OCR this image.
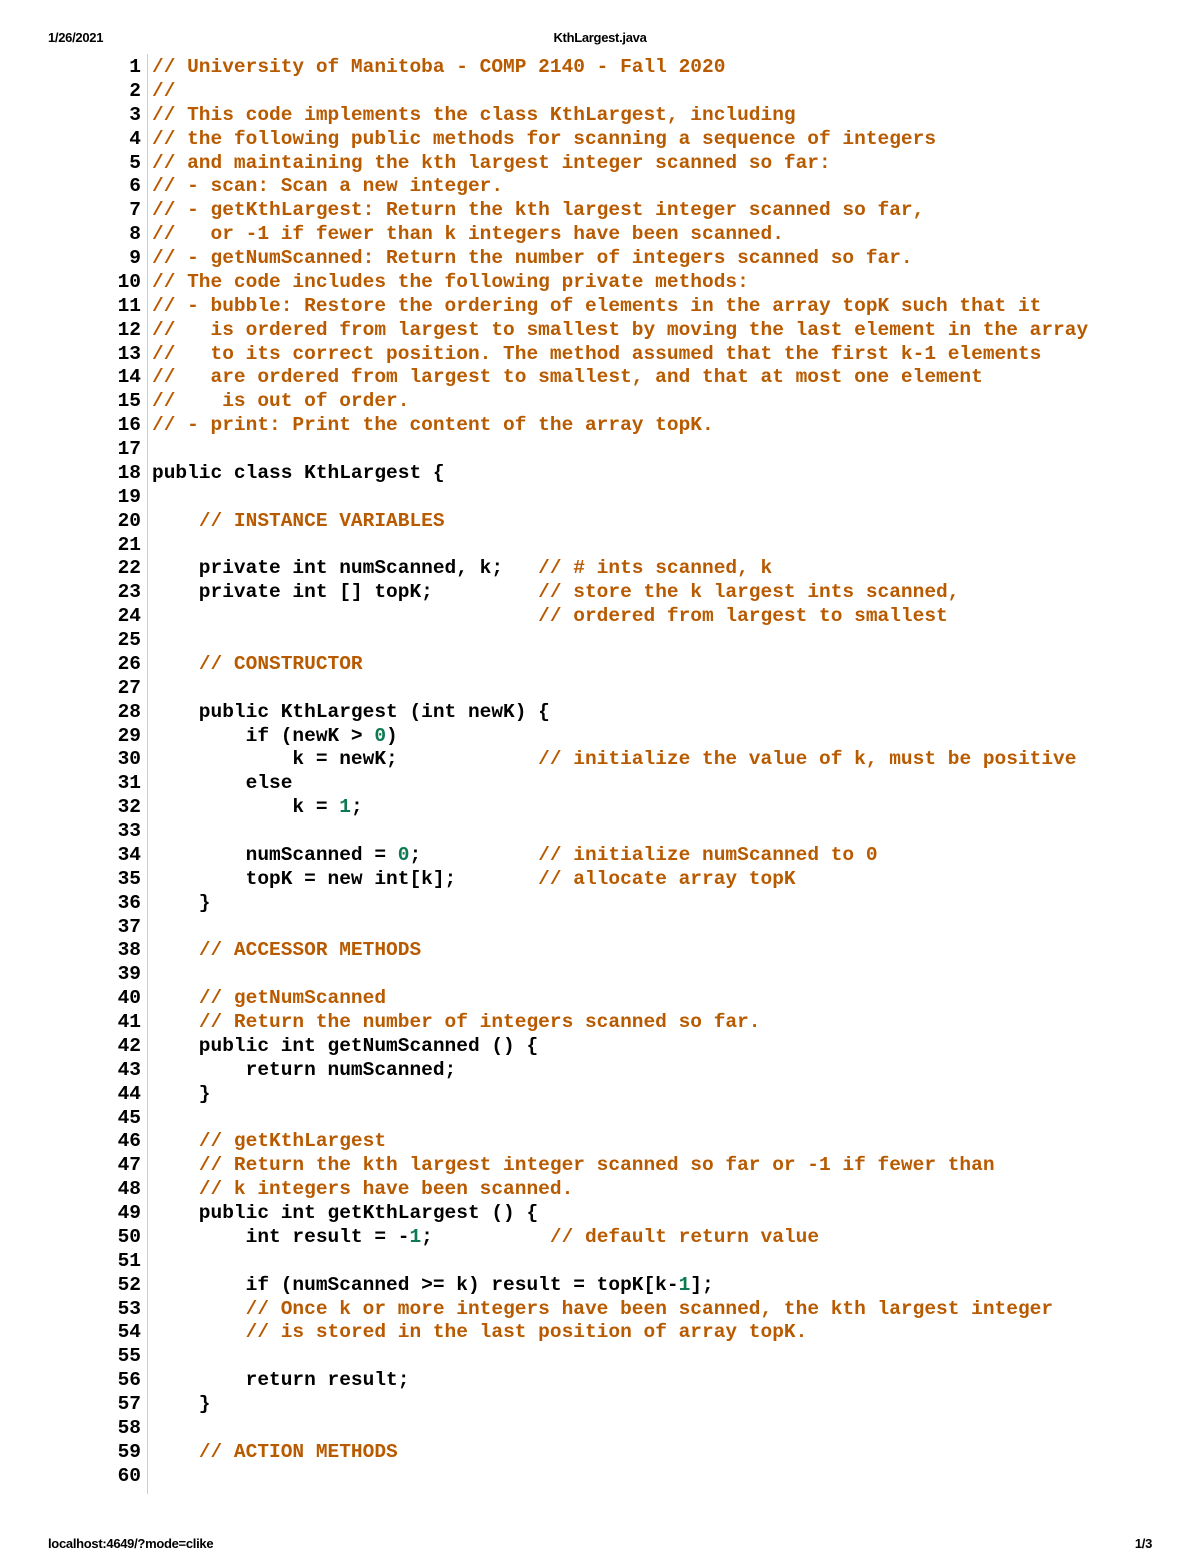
1/26/2021	KthLargest.java
1 // University of Manitoba - COMP 2140 - Fall 2020
2 //
3 // This code implements the class KthLargest, including
4 // the following public methods for scanning a sequence of integers
5 // and maintaining the kth largest integer scanned so far:
6 // - scan: Scan a new integer.
7 // - getKthLargest: Return the kth largest integer scanned so far,
8 //   or -1 if fewer than k integers have been scanned.
9 // - getNumScanned: Return the number of integers scanned so far.
10 // The code includes the following private methods:
11 // - bubble: Restore the ordering of elements in the array topK such that it
12 //   is ordered from largest to smallest by moving the last element in the array
13 //   to its correct position. The method assumed that the first k-1 elements
14 //   are ordered from largest to smallest, and that at most one element
15 //    is out of order.
16 // - print: Print the content of the array topK.
17
18 public class KthLargest {
19
20	// INSTANCE VARIABLES
21
22 private int numScanned, k;   // # ints scanned, k
23 private int [] topK;         // store the k largest ints scanned,
24	// ordered from largest to smallest
25
26	// CONSTRUCTOR
27
28 public KthLargest (int newK) {
29 if (newK > 0)
30 k = newK;            // initialize the value of k, must be positive
31 else
32 k = 1;
33
34 numScanned = 0;          // initialize numScanned to 0
35 topK = new int[k];       // allocate array topK
36 }
37
38	// ACCESSOR METHODS
39
40	// getNumScanned
41	// Return the number of integers scanned so far.
42 public int getNumScanned () {
43 return numScanned;
44 }
45
46	// getKthLargest
47	// Return the kth largest integer scanned so far or -1 if fewer than
48	// k integers have been scanned.
49 public int getKthLargest () {
50 int result = -1;          // default return value
51
52 if (numScanned >= k) result = topK[k-1];
53	// Once k or more integers have been scanned, the kth largest integer
54	// is stored in the last position of array topK.
55
56 return result;
57 }
58
59	// ACTION METHODS
60
localhost:4649/?mode=clike	1/3
